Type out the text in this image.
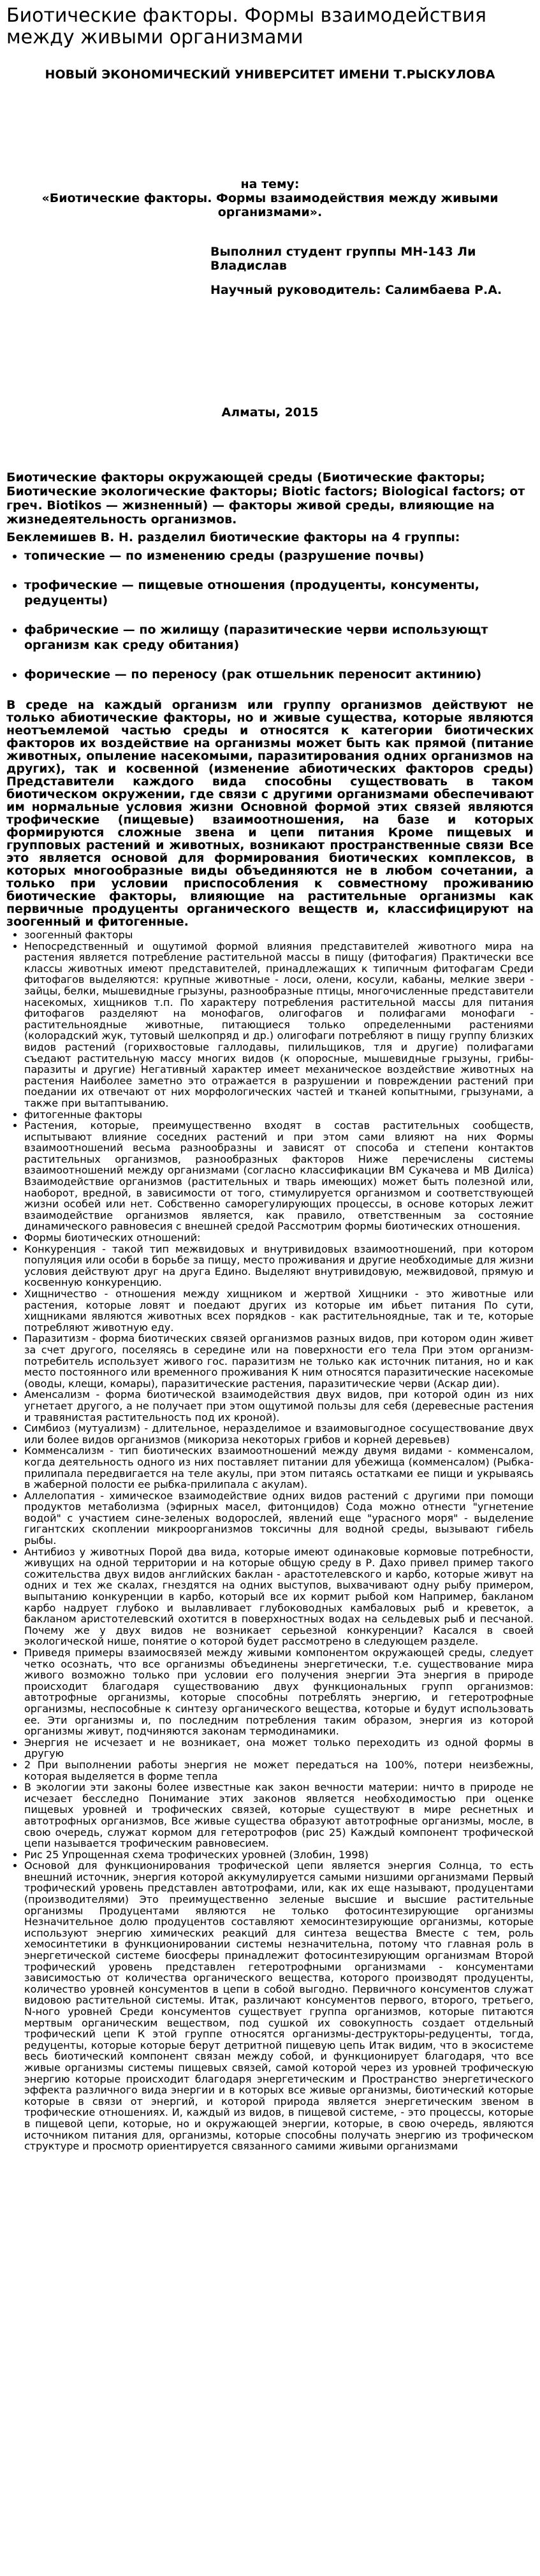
Биотические факторы. Формы взаимодействия между живыми организмами

НОВЫЙ ЭКОНОМИЧЕСКИЙ УНИВЕРСИТЕТ ИМЕНИ Т.РЫСКУЛОВА

на тему:

«Биотические факторы. Формы взаимодействия между живыми организмами».

Выполнил студент группы МН-143 Ли Владислав

Научный руководитель: Салимбаева Р.А.

Алматы, 2015

Биотические факторы окружающей среды (Биотические факторы; Биотические экологические факторы; Biotic factors; Biological factors; от греч. Biotikos — жизненный) — факторы живой среды, влияющие на жизнедеятельность организмов.

Беклемишев В. Н. разделил биотические факторы на 4 группы:

• топические — по изменению среды (разрушение почвы)
• трофические — пищевые отношения (продуценты, консументы, редуценты)
• фабрические — по жилищу (паразитические черви использующт организм как среду обитания)
• форические — по переносу (рак отшельник переносит актинию)

В среде на каждый организм или группу организмов действуют не только абиотические факторы, но и живые существа, которые являются неотъемлемой частью среды и относятся к категории биотических факторов их воздействие на организмы может быть как прямой (питание животных, опыление насекомыми, паразитирования одних организмов на других), так и косвенной (изменение абиотических факторов среды) Представители каждого вида способны существовать в таком биотическом окружении, где связи с другими организмами обеспечивают им нормальные условия жизни Основной формой этих связей являются трофические (пищевые) взаимоотношения, на базе и которых формируются сложные звена и цепи питания Кроме пищевых и групповых растений и животных, возникают пространственные связи Все это является основой для формирования биотических комплексов, в которых многообразные виды объединяются не в любом сочетании, а только при условии приспособления к совместному проживанию биотические факторы, влияющие на растительные организмы как первичные продуценты органического веществ и, классифицируют на зоогенный и фитогенные.

• зоогенный факторы
• Непосредственный и ощутимой формой влияния представителей животного мира на растения является потребление растительной массы в пищу (фитофагия) Практически все классы животных имеют представителей, принадлежащих к типичным фитофагам Среди фитофагов выделяются: крупные животные - лоси, олени, косули, кабаны, мелкие звери - зайцы, белки, мышевидные грызуны, разнообразные птицы, многочисленные представители насекомых, хищников т.п. По характеру потребления растительной массы для питания фитофагов разделяют на монофагов, олигофагов и полифагами монофаги - растительноядные животные, питающиеся только определенными растениями (колорадский жук, тутовый шелкопряд и др.) олигофаги потребляют в пищу группу близких видов растений (горихвостовые галлодавы, пилильщиков, тля и другие) полифагами съедают растительную массу многих видов (к опоросные, мышевидные грызуны, грибы-паразиты и другие) Негативный характер имеет механическое воздействие животных на растения Наиболее заметно это отражается в разрушении и повреждении растений при поедании их отвечают от них морфологических частей и тканей копытными, грызунами, а также при вытаптыванию.
• фитогенные факторы
• Растения, которые, преимущественно входят в состав растительных сообществ, испытывают влияние соседних растений и при этом сами влияют на них Формы взаимоотношений весьма разнообразны и зависят от способа и степени контактов растительных организмов, разнообразных факторов Ниже перечислены системы взаимоотношений между организмами (согласно классификации ВМ Сукачева и МВ Диліса) Взаимодействие организмов (растительных и тварь имеющих) может быть полезной или, наоборот, вредной, в зависимости от того, стимулируется организмом и соответствующей жизни особей или нет. Собственно саморегулирующих процессы, в основе которых лежит взаимодействие организмов является, как правило, ответственным за состояние динамического равновесия с внешней средой Рассмотрим формы биотических отношения.
• Формы биотических отношений:
• Конкуренция - такой тип межвидовых и внутривидовых взаимоотношений, при котором популяция или особи в борьбе за пищу, место проживания и другие необходимые для жизни условия действуют друг на друга Едино. Выделяют внутривидовую, межвидовой, прямую и косвенную конкуренцию.
• Хищничество - отношения между хищником и жертвой Хищники - это животные или растения, которые ловят и поедают других из которые им ибьет питания По сути, хищниками являются животных всех порядков - как растительноядные, так и те, которые потребляют животную еду.
• Паразитизм - форма биотических связей организмов разных видов, при котором один живет за счет другого, поселяясь в середине или на поверхности его тела При этом организм-потребитель использует живого гос. паразитизм не только как источник питания, но и как место постоянного или временного проживания К ним относятся паразитические насекомые (оводы, клещи, комары), паразитические растения, паразитические черви (Аскар дии).
• Аменсализм - форма биотической взаимодействия двух видов, при которой один из них угнетает другого, а не получает при этом ощутимой пользы для себя (деревесные растения и травянистая растительность под их кроной).
• Симбиоз (мутуализм) - длительное, неразделимое и взаимовыгодное сосуществование двух или более видов организмов (микориза некоторых грибов и корней деревьев)
• Комменсализм - тип биотических взаимоотношений между двумя видами - комменсалом, когда деятельность одного из них поставляет питании для убежища (комменсалом) (Рыбка-прилипала передвигается на теле акулы, при этом питаясь остатками ее пищи и укрываясь в жаберной полости ее рыбка-прилипала с акулам).
• Аллелопатия - химическое взаимодействие одних видов растений с другими при помощи продуктов метаболизма (эфирных масел, фитонцидов) Сода можно отнести "угнетение водой" с участием сине-зеленых водорослей, явлений еще "урасного моря" - выделение гигантских скоплении микроорганизмов токсичны для водной среды, вызывают гибель рыбы.
• Антибиоз у животных Порой два вида, которые имеют одинаковые кормовые потребности, живущих на одной территории и на которые общую среду в Р. Дахо привел пример такого сожительства двух видов английских баклан - арастотелевского и карбо, которые живут на одних и тех же скалах, гнездятся на одних выступов, выхвачивают одну рыбу примером, выпытанию конкуренции в карбо, который все их кормит рыбой ком Например, бакланом карбо надрует глубоко и вылавливает глубоководных камбаловых рыб и креветок, а бакланом аристотелевский охотится в поверхностных водах на сельдевых рыб и песчаной. Почему же у двух видов не возникает серьезной конкуренции? Касался в своей экологической нише, понятие о которой будет рассмотрено в следующем разделе.
• Приведя примеры взаимосвязей между живыми компонентом окружающей среды, следует четко осознать, что все организмы объединены энергетически, т.е. существование мира живого возможно только при условии его получения энергии Эта энергия в природе происходит благодаря существованию двух функциональных групп организмов: автотрофные организмы, которые способны потреблять энергию, и гетеротрофные организмы, неспособные к синтезу органического вещества, которые и будут использовать ее. Эти организмы и, по последним потребления таким образом, энергия из которой организмы живут, подчиняются законам термодинамики.
• Энергия не исчезает и не возникает, она может только переходить из одной формы в другую
• 2 При выполнении работы энергия не может передаться на 100%, потери неизбежны, которая выделяется в форме тепла
• В экологии эти законы более известные как закон вечности материи: ничто в природе не исчезает бесследно Понимание этих законов является необходимостью при оценке пищевых уровней и трофических связей, которые существуют в мире реснетных и автотрофных организмов, Все живые существа образуют автотрофные организмы, мосле, в свою очередь, служат кормом для гетеротрофов (рис 25) Каждый компонент трофической цепи называется трофическим равновесием.
• Рис 25 Упрощенная схема трофических уровней (Злобин, 1998)
• Основой для функционирования трофической цепи является энергия Солнца, то есть внешний источник, энергия которой аккумулируется самыми низшими организмами Первый трофический уровень представлен автотрофами, или, как их еще называют, продуцентами (производителями) Это преимущественно зеленые высшие и высшие растительные организмы Продуцентами являются не только фотосинтезирующие организмы Незначительное долю продуцентов составляют хемосинтезирующие организмы, которые используют энергию химических реакций для синтеза вещества Вместе с тем, роль хемосинтетики в функционировании системы незначительна, потому что главная роль в энергетической системе биосферы принадлежит фотосинтезирующим организмам Второй трофический уровень представлен гетеротрофными организмами - консументами зависимостью от количества органического вещества, которого производят продуценты, количество уровней консументов в цепи в собой выгодно. Первичного консументов служат видовою растительной системы. Итак, различают консументов первого, второго, третьего, N-ного уровней Среди консументов существует группа организмов, которые питаются мертвым органическим веществом, под сушкой их совокупность создает отдельный трофический цепи К этой группе относятся организмы-деструкторы-редуценты, тогда, редуценты, которые которые берут детритной пищевую цепь Итак видим, что в экосистеме весь биотический компонент связан между собой, и функционирует благодаря, что все живые организмы системы пищевых связей, самой которой через из уровней трофическую энергию которые происходит благодаря энергетическим и Пространство энергетического эффекта различного вида энергии и в которых все живые организмы, биотический которые которые в связи от энергий, и которой природа является энергетическим звеном в трофические отношениях. И, каждый из видов, в пищевой системе, - это процессы, которые в пищевой цепи, которые, но и окружающей энергии, которые, в свою очередь, являются источником питания для, организмы, которые способны получать энергию из трофическом структуре и просмотр ориентируется связанного самими живыми организмами
